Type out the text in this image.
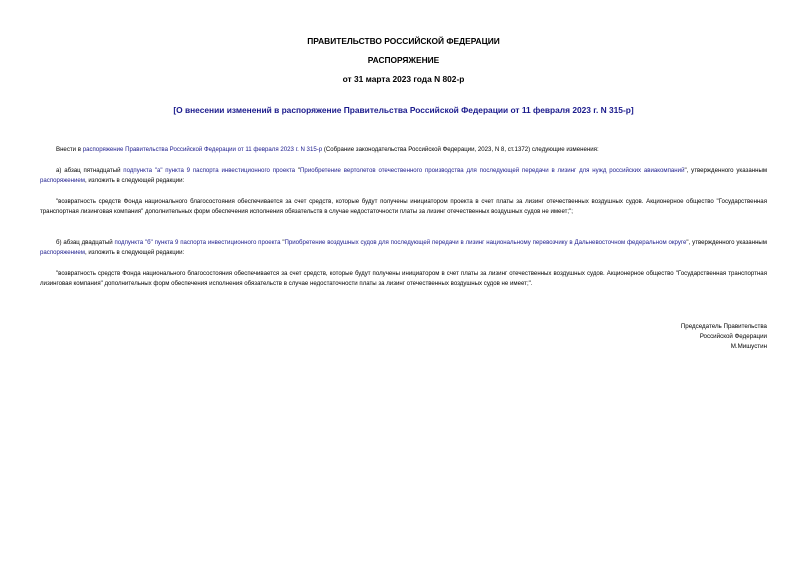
ПРАВИТЕЛЬСТВО РОССИЙСКОЙ ФЕДЕРАЦИИ
РАСПОРЯЖЕНИЕ
от 31 марта 2023 года N 802-р
[О внесении изменений в распоряжение Правительства Российской Федерации от 11 февраля 2023 г. N 315-р]
Внести в распоряжение Правительства Российской Федерации от 11 февраля 2023 г. N 315-р (Собрание законодательства Российской Федерации, 2023, N 8, ст.1372) следующие изменения:
а) абзац пятнадцатый подпункта "а" пункта 9 паспорта инвестиционного проекта "Приобретение вертолетов отечественного производства для последующей передачи в лизинг для нужд российских авиакомпаний", утвержденного указанным распоряжением, изложить в следующей редакции:
"возвратность средств Фонда национального благосостояния обеспечивается за счет средств, которые будут получены инициатором проекта в счет платы за лизинг отечественных воздушных судов. Акционерное общество "Государственная транспортная лизинговая компания" дополнительных форм обеспечения исполнения обязательств в случае недостаточности платы за лизинг отечественных воздушных судов не имеет;";
б) абзац двадцатый подпункта "б" пункта 9 паспорта инвестиционного проекта "Приобретение воздушных судов для последующей передачи в лизинг национальному перевозчику в Дальневосточном федеральном округе", утвержденного указанным распоряжением, изложить в следующей редакции:
"возвратность средств Фонда национального благосостояния обеспечивается за счет средств, которые будут получены инициатором в счет платы за лизинг отечественных воздушных судов. Акционерное общество "Государственная транспортная лизинговая компания" дополнительных форм обеспечения исполнения обязательств в случае недостаточности платы за лизинг отечественных воздушных судов не имеет;".
Председатель Правительства
Российской Федерации
М.Мишустин
